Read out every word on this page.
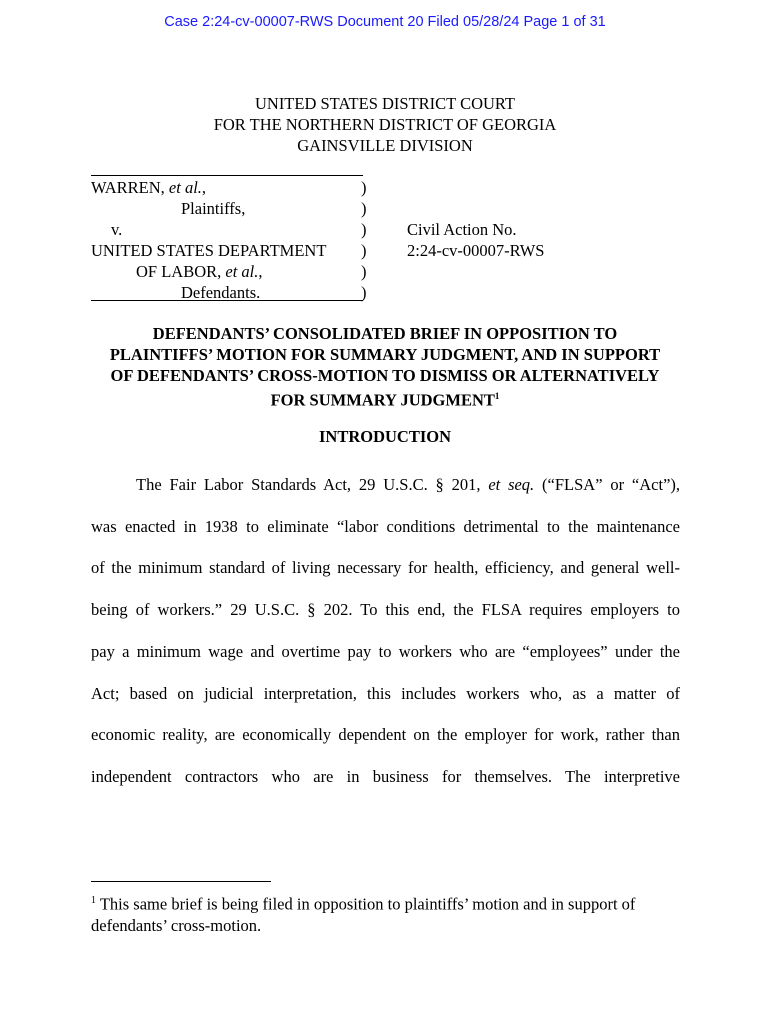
Case 2:24-cv-00007-RWS Document 20 Filed 05/28/24 Page 1 of 31
UNITED STATES DISTRICT COURT
FOR THE NORTHERN DISTRICT OF GEORGIA
GAINSVILLE DIVISION
WARREN, et al.,
Plaintiffs,
v.
UNITED STATES DEPARTMENT
OF LABOR, et al.,
Defendants.
)
)
)
)
)
)
Civil Action No.
2:24-cv-00007-RWS
DEFENDANTS’ CONSOLIDATED BRIEF IN OPPOSITION TO
PLAINTIFFS’ MOTION FOR SUMMARY JUDGMENT, AND IN SUPPORT
OF DEFENDANTS’ CROSS-MOTION TO DISMISS OR ALTERNATIVELY
FOR SUMMARY JUDGMENT$^1$
INTRODUCTION
The Fair Labor Standards Act, 29 U.S.C. § 201, et seq. (“FLSA” or “Act”),
was enacted in 1938 to eliminate “labor conditions detrimental to the maintenance
of the minimum standard of living necessary for health, efficiency, and general well-
being of workers.” 29 U.S.C. § 202. To this end, the FLSA requires employers to
pay a minimum wage and overtime pay to workers who are “employees” under the
Act; based on judicial interpretation, this includes workers who, as a matter of
economic reality, are economically dependent on the employer for work, rather than
independent contractors who are in business for themselves. The interpretive
$^1$ This same brief is being filed in opposition to plaintiffs’ motion and in support of defendants’ cross-motion.
